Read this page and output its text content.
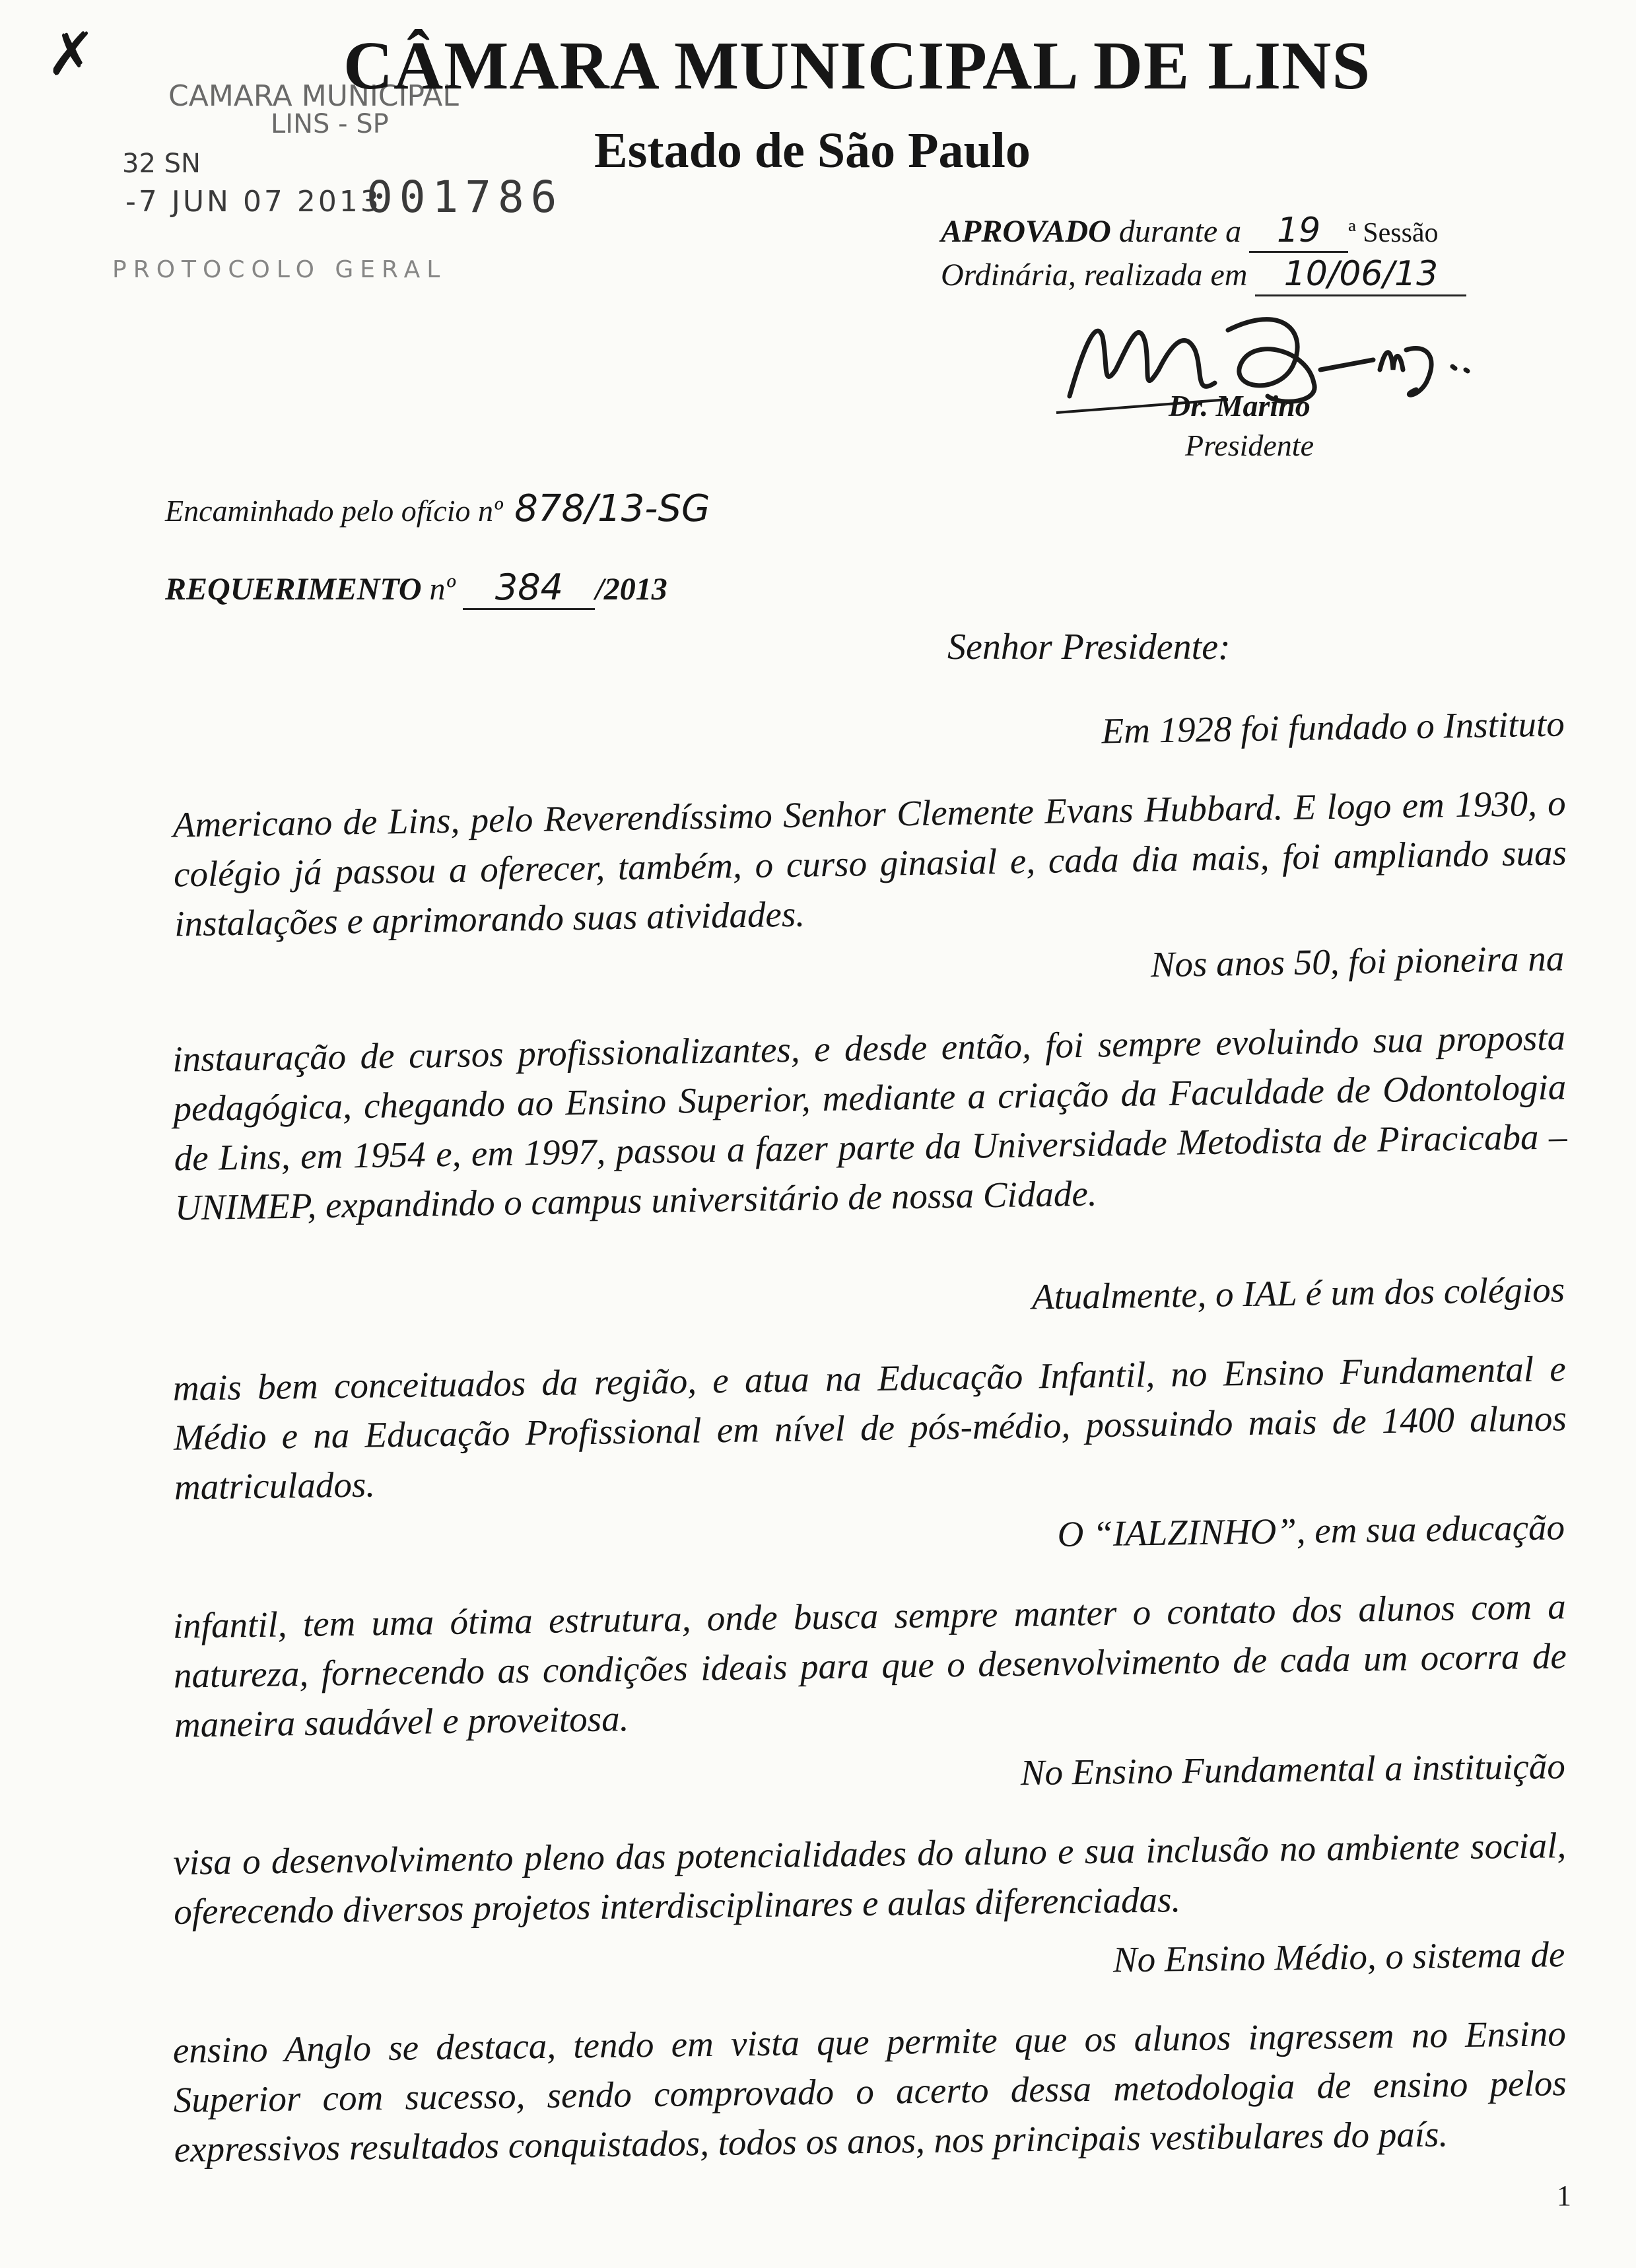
✗
CAMARA MUNICIPAL
LINS - SP
32 SN
-7 JUN 07 2013
001786
PROTOCOLO GERAL
CÂMARA MUNICIPAL DE LINS
Estado de São Paulo
APROVADO durante a 19 ª Sessão
Ordinária, realizada em 10/06/13
Dr. Marino
Presidente
Encaminhado pelo ofício nº 878/13-SG
REQUERIMENTO nº 384 /2013
Senhor Presidente:
Em 1928 foi fundado o Instituto
Americano de Lins, pelo Reverendíssimo Senhor Clemente Evans Hubbard. E logo em 1930, o colégio já passou a oferecer, também, o curso ginasial e, cada dia mais, foi ampliando suas instalações e aprimorando suas atividades.
Nos anos 50, foi pioneira na
instauração de cursos profissionalizantes, e desde então, foi sempre evoluindo sua proposta pedagógica, chegando ao Ensino Superior, mediante a criação da Faculdade de Odontologia de Lins, em 1954 e, em 1997, passou a fazer parte da Universidade Metodista de Piracicaba – UNIMEP, expandindo o campus universitário de nossa Cidade.
Atualmente, o IAL é um dos colégios
mais bem conceituados da região, e atua na Educação Infantil, no Ensino Fundamental e Médio e na Educação Profissional em nível de pós-médio, possuindo mais de 1400 alunos matriculados.
O “IALZINHO”, em sua educação
infantil, tem uma ótima estrutura, onde busca sempre manter o contato dos alunos com a natureza, fornecendo as condições ideais para que o desenvolvimento de cada um ocorra de maneira saudável e proveitosa.
No Ensino Fundamental a instituição
visa o desenvolvimento pleno das potencialidades do aluno e sua inclusão no ambiente social, oferecendo diversos projetos interdisciplinares e aulas diferenciadas.
No Ensino Médio, o sistema de
ensino Anglo se destaca, tendo em vista que permite que os alunos ingressem no Ensino Superior com sucesso, sendo comprovado o acerto dessa metodologia de ensino pelos expressivos resultados conquistados, todos os anos, nos principais vestibulares do país.
1
